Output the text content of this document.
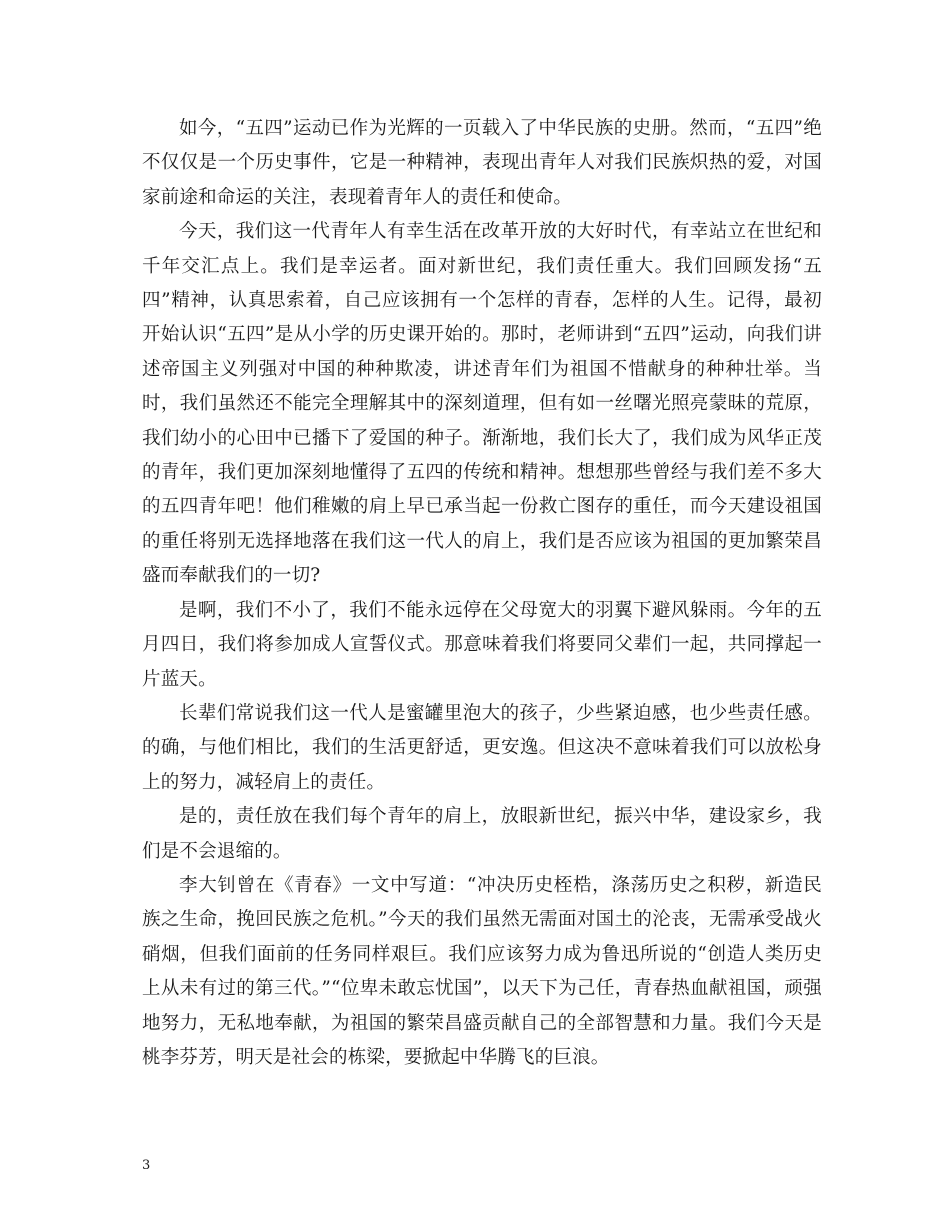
如今，“五四”运动已作为光辉的一页载入了中华民族的史册。然而，“五四”绝不仅仅是一个历史事件，它是一种精神，表现出青年人对我们民族炽热的爱，对国家前途和命运的关注，表现着青年人的责任和使命。

今天，我们这一代青年人有幸生活在改革开放的大好时代，有幸站立在世纪和千年交汇点上。我们是幸运者。面对新世纪，我们责任重大。我们回顾发扬“五四”精神，认真思索着，自己应该拥有一个怎样的青春，怎样的人生。记得，最初开始认识“五四”是从小学的历史课开始的。那时，老师讲到“五四”运动，向我们讲述帝国主义列强对中国的种种欺凌，讲述青年们为祖国不惜献身的种种壮举。当时，我们虽然还不能完全理解其中的深刻道理，但有如一丝曙光照亮蒙昧的荒原，我们幼小的心田中已播下了爱国的种子。渐渐地，我们长大了，我们成为风华正茂的青年，我们更加深刻地懂得了五四的传统和精神。想想那些曾经与我们差不多大的五四青年吧！他们稚嫩的肩上早已承当起一份救亡图存的重任，而今天建设祖国的重任将别无选择地落在我们这一代人的肩上，我们是否应该为祖国的更加繁荣昌盛而奉献我们的一切?

是啊，我们不小了，我们不能永远停在父母宽大的羽翼下避风躲雨。今年的五月四日，我们将参加成人宣誓仪式。那意味着我们将要同父辈们一起，共同撑起一片蓝天。

长辈们常说我们这一代人是蜜罐里泡大的孩子，少些紧迫感，也少些责任感。的确，与他们相比，我们的生活更舒适，更安逸。但这决不意味着我们可以放松身上的努力，减轻肩上的责任。

是的，责任放在我们每个青年的肩上，放眼新世纪，振兴中华，建设家乡，我们是不会退缩的。

李大钊曾在《青春》一文中写道：“冲决历史桎梏，涤荡历史之积秽，新造民族之生命，挽回民族之危机。”今天的我们虽然无需面对国土的沦丧，无需承受战火硝烟，但我们面前的任务同样艰巨。我们应该努力成为鲁迅所说的“创造人类历史上从未有过的第三代。”“位卑未敢忘忧国”，以天下为己任，青春热血献祖国，顽强地努力，无私地奉献，为祖国的繁荣昌盛贡献自己的全部智慧和力量。我们今天是桃李芬芳，明天是社会的栋梁，要掀起中华腾飞的巨浪。

3
